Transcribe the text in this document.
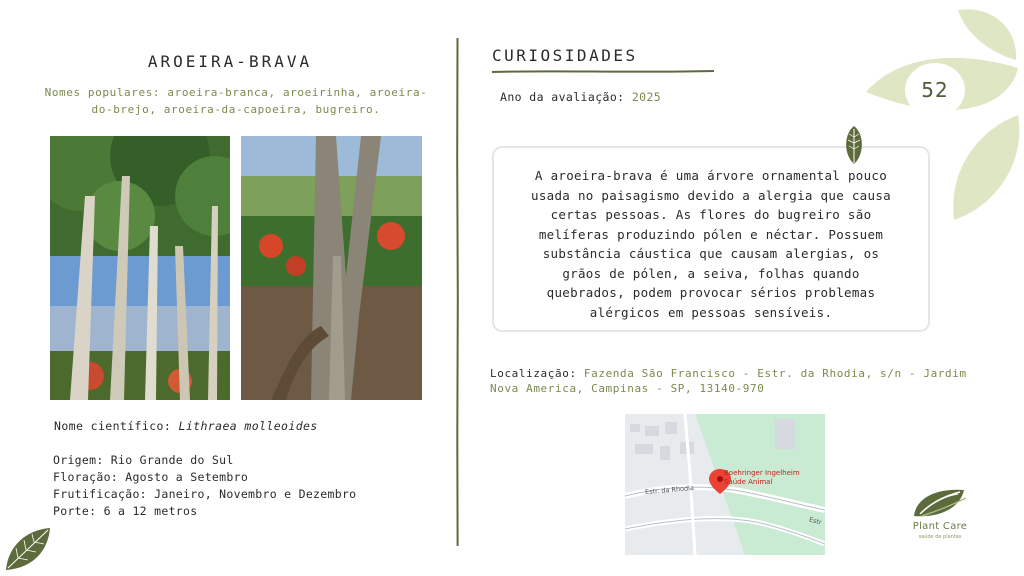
52
AROEIRA-BRAVA
Nomes populares: aroeira-branca, aroeirinha, aroeira-
do-brejo, aroeira-da-capoeira, bugreiro.
Nome científico: Lithraea molleoides
Origem: Rio Grande do Sul
Floração: Agosto a Setembro
Frutificação: Janeiro, Novembro e Dezembro
Porte: 6 a 12 metros
CURIOSIDADES
Ano da avaliação: 2025
A aroeira-brava é uma árvore ornamental pouco
usada no paisagismo devido a alergia que causa
certas pessoas. As flores do bugreiro são
melíferas produzindo pólen e néctar. Possuem
substância cáustica que causam alergias, os
grãos de pólen, a seiva, folhas quando
quebrados, podem provocar sérios problemas
alérgicos em pessoas sensíveis.
Localização: Fazenda São Francisco - Estr. da Rhodia, s/n - Jardim Nova America, Campinas - SP, 13140-970
Boehringer Ingelheim
Saúde Animal
Estr. da Rhodia
Estr	Plant Care
saúde de plantas
